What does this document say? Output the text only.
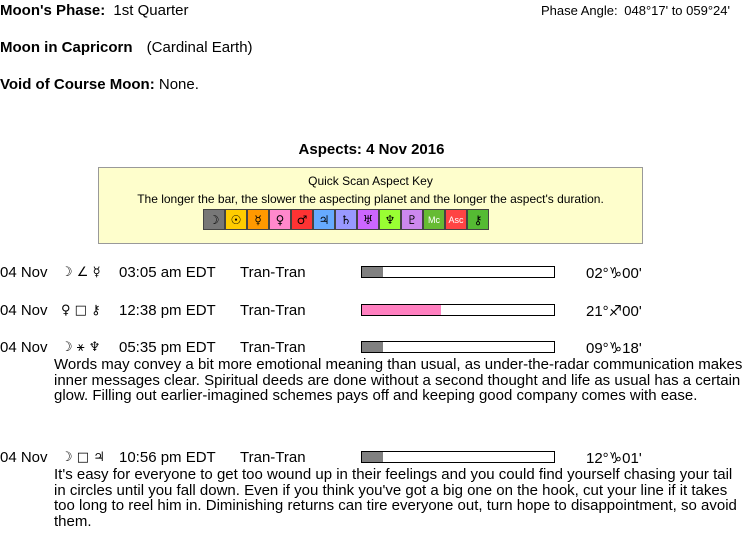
Moon's Phase: 1st Quarter	Phase Angle: 048°17' to 059°24'
Moon in Capricorn (Cardinal Earth)
Void of Course Moon: None.
Aspects: 4 Nov 2016
Quick Scan Aspect Key
The longer the bar, the slower the aspecting planet and the longer the aspect's duration.
☽ ☉	☿	♀	♂ ♃ ♄ ♅ ♆ ♇	Mc Asc ⚷
04 Nov ☽ ∠ ☿ 03:05 am EDT Tran-Tran	02°♑00'
04 Nov ♀ □ ⚷ 12:38 pm EDT Tran-Tran	21°♐00'
04 Nov ☽ ⚹ ♆ 05:35 pm EDT Tran-Tran	09°♑18'
Words may convey a bit more emotional meaning than usual, as under-the-radar communication makes inner messages clear. Spiritual deeds are done without a second thought and life as usual has a certain glow. Filling out earlier-imagined schemes pays off and keeping good company comes with ease.
04 Nov ☽ □ ♃ 10:56 pm EDT Tran-Tran	12°♑01'
It's easy for everyone to get too wound up in their feelings and you could find yourself chasing your tail in circles until you fall down. Even if you think you've got a big one on the hook, cut your line if it takes too long to reel him in. Diminishing returns can tire everyone out, turn hope to disappointment, so avoid them.
